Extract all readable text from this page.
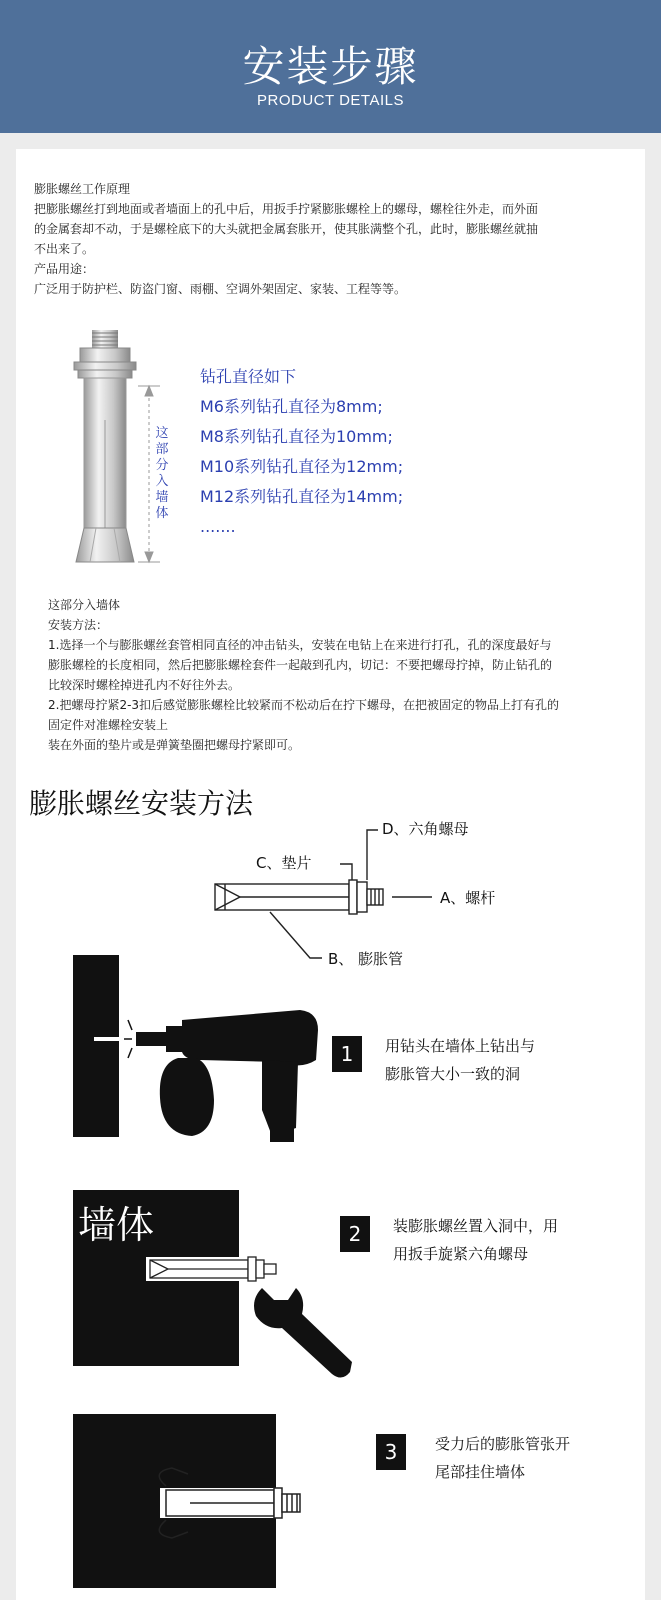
安装步骤
PRODUCT DETAILS
膨胀螺丝工作原理
把膨胀螺丝打到地面或者墙面上的孔中后，用扳手拧紧膨胀螺栓上的螺母，螺栓往外走，而外面
的金属套却不动，于是螺栓底下的大头就把金属套胀开，使其胀满整个孔，此时，膨胀螺丝就抽
不出来了。
产品用途：
广泛用于防护栏、防盗门窗、雨棚、空调外架固定、家装、工程等等。
钻孔直径如下
M6系列钻孔直径为8mm;
M8系列钻孔直径为10mm;
M10系列钻孔直径为12mm;
M12系列钻孔直径为14mm;
.......
这部分入墙体
这部分入墙体
安装方法：
1.选择一个与膨胀螺丝套管相同直径的冲击钻头，安装在电钻上在来进行打孔，孔的深度最好与
膨胀螺栓的长度相同，然后把膨胀螺栓套件一起敲到孔内，切记：不要把螺母拧掉，防止钻孔的
比较深时螺栓掉进孔内不好往外去。
2.把螺母拧紧2-3扣后感觉膨胀螺栓比较紧而不松动后在拧下螺母，在把被固定的物品上打有孔的
固定件对准螺栓安装上
装在外面的垫片或是弹簧垫圈把螺母拧紧即可。
膨胀螺丝安装方法
D、六角螺母
C、垫片
A、螺杆
B、 膨胀管
1	用钻头在墙体上钻出与
膨胀管大小一致的洞
墙体	2	装膨胀螺丝置入洞中，用
用扳手旋紧六角螺母
3	受力后的膨胀管张开
尾部挂住墙体
